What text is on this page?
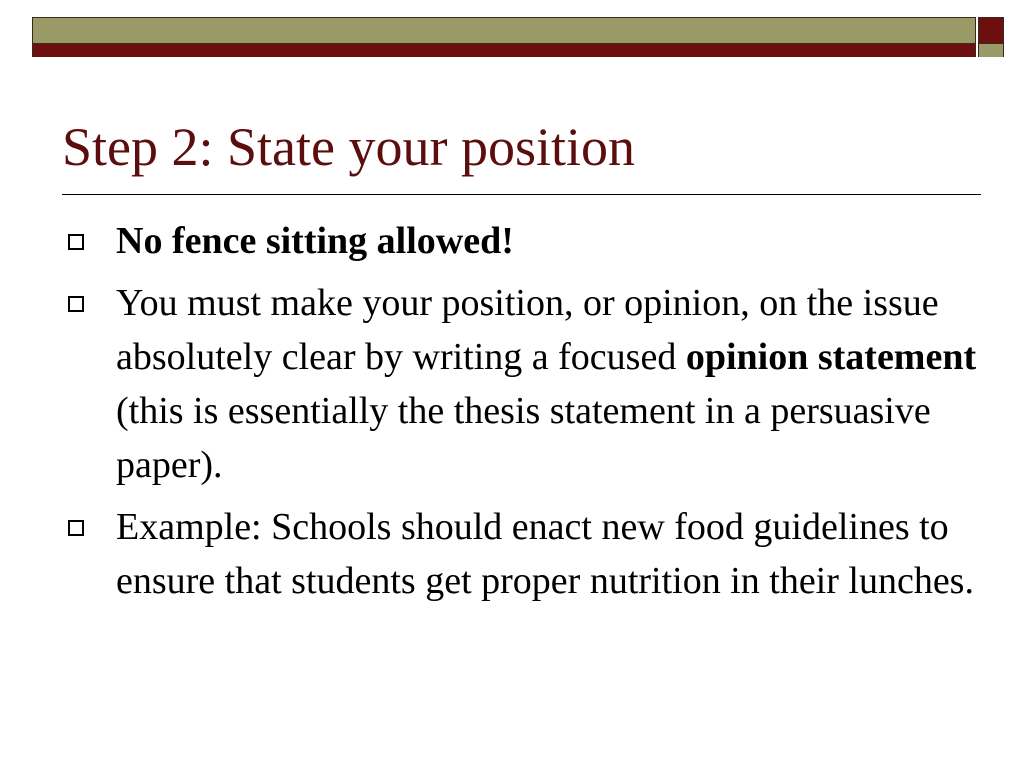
Step 2: State your position
No fence sitting allowed!
You must make your position, or opinion, on the issue absolutely clear by writing a focused opinion statement (this is essentially the thesis statement in a persuasive paper).
Example: Schools should enact new food guidelines to ensure that students get proper nutrition in their lunches.
